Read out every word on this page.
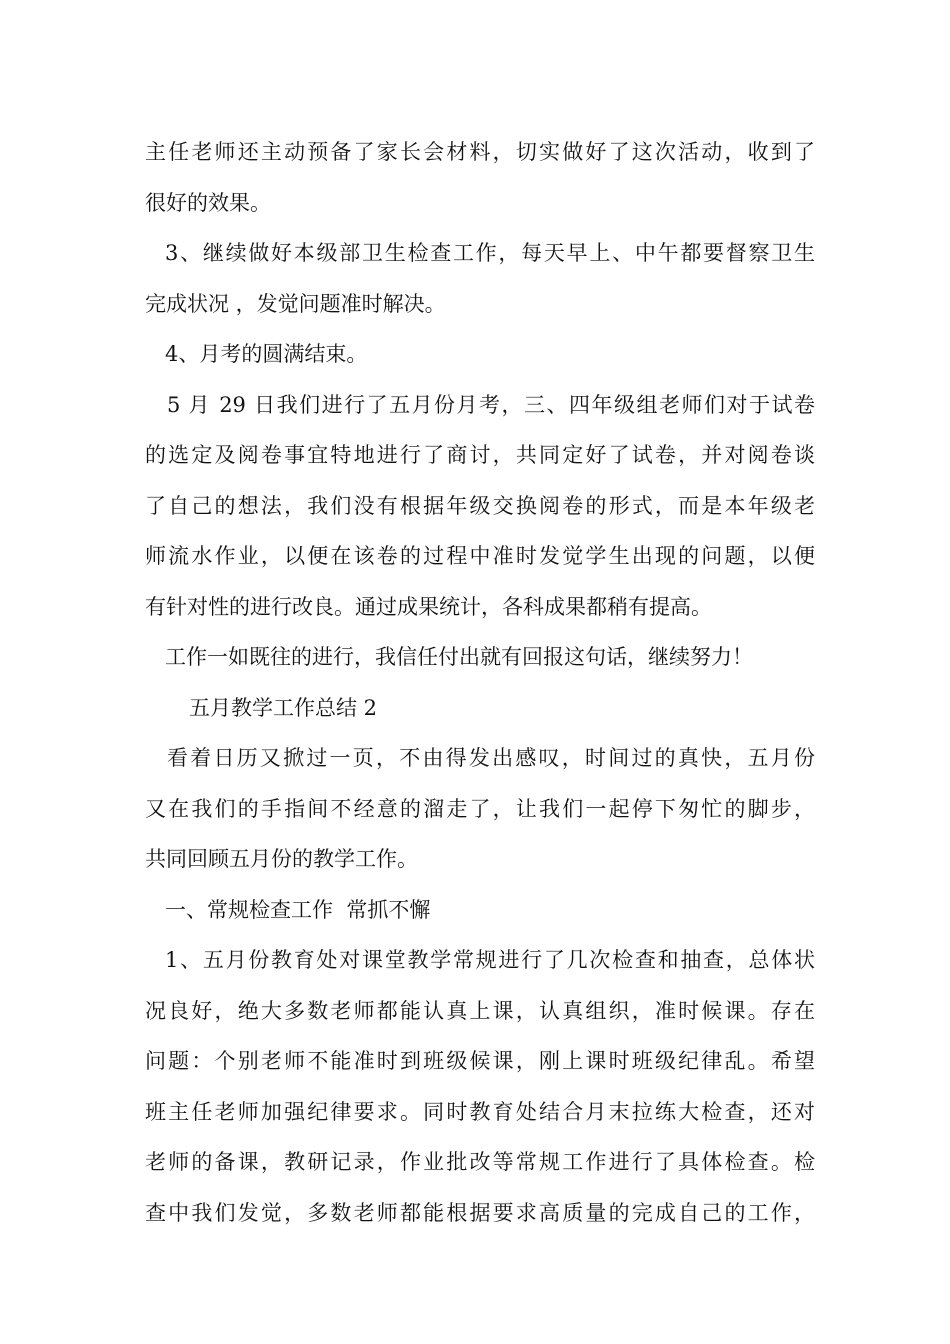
主任老师还主动预备了家长会材料，切实做好了这次活动，收到了
很好的效果。
3、继续做好本级部卫生检查工作，每天早上、中午都要督察卫生
完成状况 ，发觉问题准时解决。
4、月考的圆满结束。
5 月 29 日我们进行了五月份月考，三、四年级组老师们对于试卷
的选定及阅卷事宜特地进行了商讨，共同定好了试卷，并对阅卷谈
了自己的想法，我们没有根据年级交换阅卷的形式，而是本年级老
师流水作业，以便在该卷的过程中准时发觉学生出现的问题，以便
有针对性的进行改良。通过成果统计，各科成果都稍有提高。
工作一如既往的进行，我信任付出就有回报这句话，继续努力！
五月教学工作总结 2
看着日历又掀过一页，不由得发出感叹，时间过的真快，五月份
又在我们的手指间不经意的溜走了，让我们一起停下匆忙的脚步，
共同回顾五月份的教学工作。
一、常规检查工作  常抓不懈
1、五月份教育处对课堂教学常规进行了几次检查和抽查，总体状
况良好，绝大多数老师都能认真上课，认真组织，准时候课。存在
问题：个别老师不能准时到班级候课，刚上课时班级纪律乱。希望
班主任老师加强纪律要求。同时教育处结合月末拉练大检查，还对
老师的备课，教研记录，作业批改等常规工作进行了具体检查。检
查中我们发觉，多数老师都能根据要求高质量的完成自己的工作，
